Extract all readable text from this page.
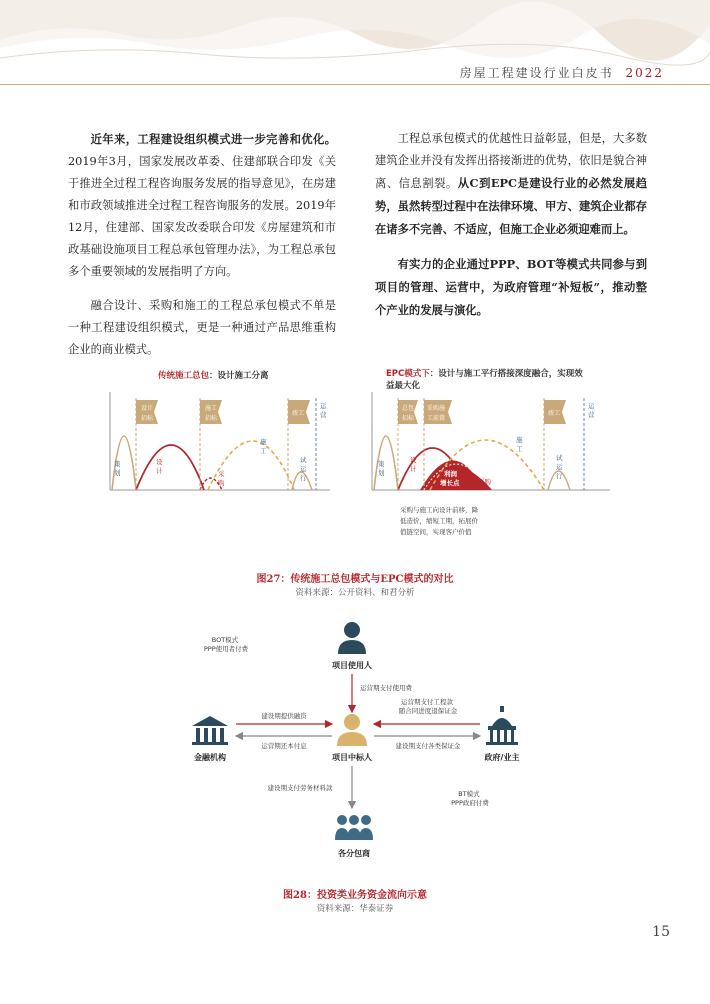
房屋工程建设行业白皮书 2022

近年来，工程建设组织模式进一步完善和优化。2019年3月，国家发展改革委、住建部联合印发《关于推进全过程工程咨询服务发展的指导意见》，在房建和市政领域推进全过程工程咨询服务的发展。2019年12月，住建部、国家发改委联合印发《房屋建筑和市政基础设施项目工程总承包管理办法》，为工程总承包多个重要领域的发展指明了方向。

融合设计、采购和施工的工程总承包模式不单是一种工程建设组织模式，更是一种通过产品思维重构企业的商业模式。

工程总承包模式的优越性日益彰显，但是，大多数建筑企业并没有发挥出搭接渐进的优势，依旧是貌合神离、信息割裂。从C到EPC是建设行业的必然发展趋势，虽然转型过程中在法律环境、甲方、建筑企业都存在诸多不完善、不适应，但施工企业必须迎难而上。

有实力的企业通过PPP、BOT等模式共同参与到项目的管理、运营中，为政府管理“补短板”，推动整个产业的发展与演化。

传统施工总包：设计施工分离	EPC模式下：设计与施工平行搭接深度融合，实现效
益最大化
设计
招标
施工
招标
竣工
运营
策划
设计	采购
施工
试运行
总包
招标
采购施
工前置
竣工
运营
策划
设计
利润增长点	采购
施工
试运行
采购与施工向设计前移，降 低造价，缩短工期，拓展价 值链空间，实现客户价值
图27：传统施工总包模式与EPC模式的对比
资料来源：公开资料、和君分析
项目使用人
BOT模式 PPP使用者付费
运营期支付使用费
项目中标人
金融机构
建设期提供融资
运营期还本付息
政府/业主
运营期支付工程款 随合同进度退保证金
建设期支付各类保证金
建设期支付劳务材料款
BT模式 PPP政府付费
各分包商
图28：投资类业务资金流向示意
资料来源：华泰证券
15
